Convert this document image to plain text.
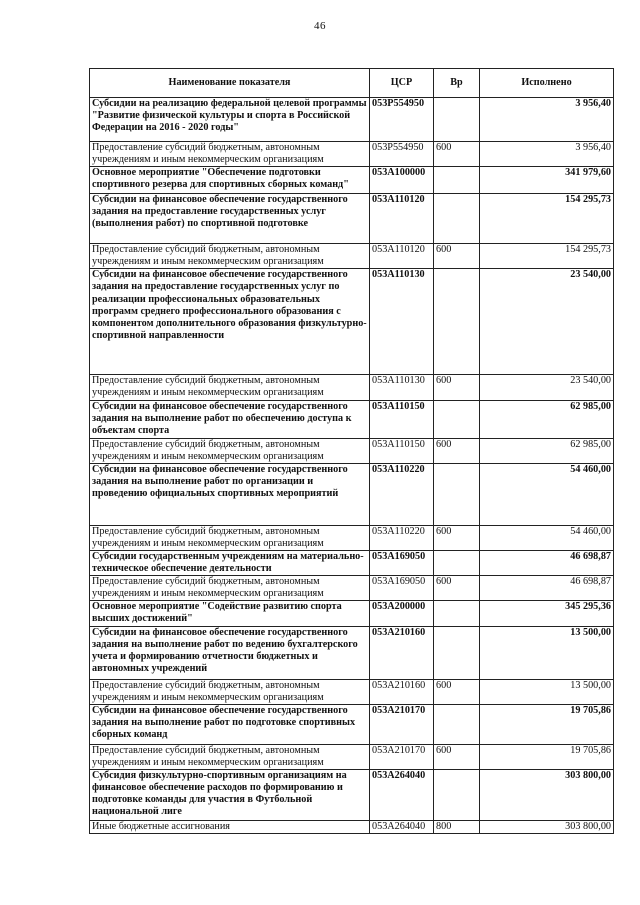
46
Наименование показателя	ЦСР	Вр	Исполнено
Субсидии на реализацию федеральной целевой программы "Развитие физической культуры и спорта в Российской Федерации на 2016 - 2020 годы"	053P554950		3 956,40
Предоставление субсидий бюджетным, автономным учреждениям и иным некоммерческим организациям	053P554950	600	3 956,40
Основное мероприятие "Обеспечение подготовки спортивного резерва для спортивных сборных команд"	053A100000		341 979,60
Субсидии на финансовое обеспечение государственного задания на предоставление государственных услуг (выполнения работ) по спортивной подготовке	053A110120		154 295,73
Предоставление субсидий бюджетным, автономным учреждениям и иным некоммерческим организациям	053A110120	600	154 295,73
Субсидии на финансовое обеспечение государственного задания на предоставление государственных услуг по реализации профессиональных образовательных программ среднего профессионального образования с компонентом дополнительного образования физкультурно-спортивной направленности	053A110130		23 540,00
Предоставление субсидий бюджетным, автономным учреждениям и иным некоммерческим организациям	053A110130	600	23 540,00
Субсидии на финансовое обеспечение государственного задания на выполнение работ по обеспечению доступа к объектам спорта	053A110150		62 985,00
Предоставление субсидий бюджетным, автономным учреждениям и иным некоммерческим организациям	053A110150	600	62 985,00
Субсидии на финансовое обеспечение государственного задания на выполнение работ по организации и проведению официальных спортивных мероприятий	053A110220		54 460,00
Предоставление субсидий бюджетным, автономным учреждениям и иным некоммерческим организациям	053A110220	600	54 460,00
Субсидии государственным учреждениям на материально-техническое обеспечение деятельности	053A169050		46 698,87
Предоставление субсидий бюджетным, автономным учреждениям и иным некоммерческим организациям	053A169050	600	46 698,87
Основное мероприятие "Содействие развитию спорта высших достижений"	053A200000		345 295,36
Субсидии на финансовое обеспечение государственного задания на выполнение работ по ведению бухгалтерского учета и формированию отчетности бюджетных и автономных учреждений	053A210160		13 500,00
Предоставление субсидий бюджетным, автономным учреждениям и иным некоммерческим организациям	053A210160	600	13 500,00
Субсидии на финансовое обеспечение государственного задания на выполнение работ по подготовке спортивных сборных команд	053A210170		19 705,86
Предоставление субсидий бюджетным, автономным учреждениям и иным некоммерческим организациям	053A210170	600	19 705,86
Субсидия физкультурно-спортивным организациям на финансовое обеспечение расходов по формированию и подготовке команды для участия в Футбольной национальной лиге	053A264040		303 800,00
Иные бюджетные ассигнования	053A264040	800	303 800,00
